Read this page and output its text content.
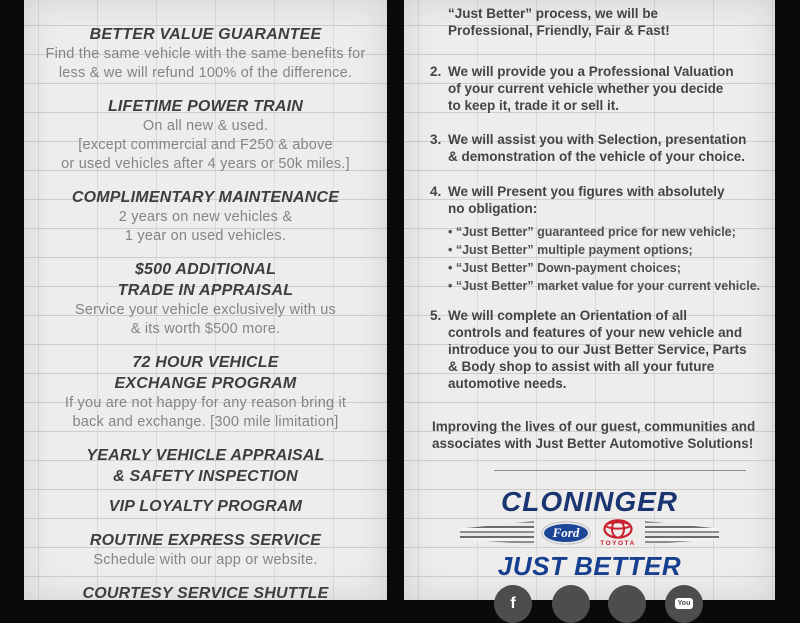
BETTER VALUE GUARANTEE
Find the same vehicle with the same benefits for
less & we will refund 100% of the difference.
LIFETIME POWER TRAIN
On all new & used.
[except commercial and F250 & above
or used vehicles after 4 years or 50k miles.]
COMPLIMENTARY MAINTENANCE
2 years on new vehicles &
1 year on used vehicles.
$500 ADDITIONAL
TRADE IN APPRAISAL
Service your vehicle exclusively with us
& its worth $500 more.
72 HOUR VEHICLE
EXCHANGE PROGRAM
If you are not happy for any reason bring it
back and exchange. [300 mile limitation]
YEARLY VEHICLE APPRAISAL
& SAFETY INSPECTION
VIP LOYALTY PROGRAM
ROUTINE EXPRESS SERVICE
Schedule with our app or website.
COURTESY SERVICE SHUTTLE
“Just Better” process, we will be
Professional, Friendly, Fair & Fast!
2. We will provide you a Professional Valuation
of your current vehicle whether you decide
to keep it, trade it or sell it.
3. We will assist you with Selection, presentation
& demonstration of the vehicle of your choice.
4. We will Present you figures with absolutely
no obligation:
• “Just Better” guaranteed price for new vehicle;
• “Just Better” multiple payment options;
• “Just Better” Down-payment choices;
• “Just Better” market value for your current vehicle.
5. We will complete an Orientation of all
controls and features of your new vehicle and
introduce you to our Just Better Service, Parts
& Body shop to assist with all your future
automotive needs.
Improving the lives of our guest, communities and
associates with Just Better Automotive Solutions!
CLONINGER
Ford
TOYOTA
JUST BETTER
f	You
